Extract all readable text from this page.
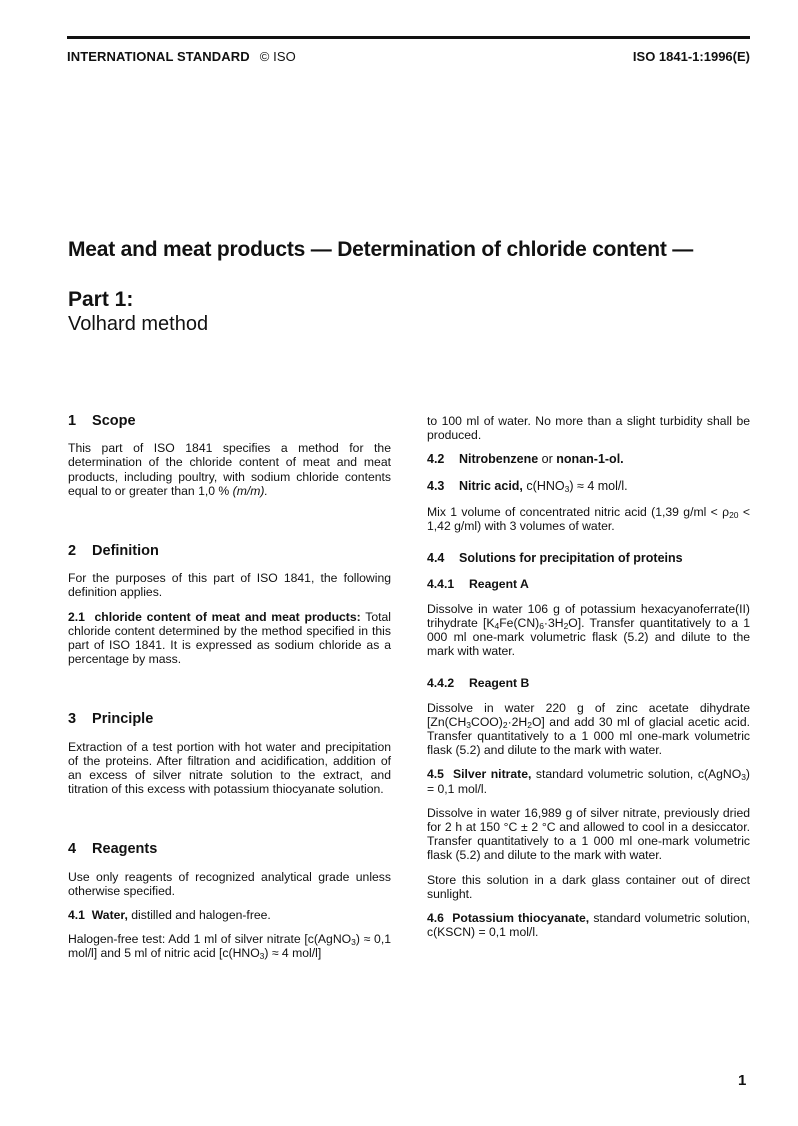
INTERNATIONAL STANDARD © ISO	ISO 1841-1:1996(E)
Meat and meat products — Determination of chloride content —
Part 1:
Volhard method
1 Scope

This part of ISO 1841 specifies a method for the determination of the chloride content of meat and meat products, including poultry, with sodium chloride contents equal to or greater than 1,0 % (m/m).

2 Definition

For the purposes of this part of ISO 1841, the following definition applies.

2.1 chloride content of meat and meat products: Total chloride content determined by the method specified in this part of ISO 1841. It is expressed as sodium chloride as a percentage by mass.

3 Principle

Extraction of a test portion with hot water and precipitation of the proteins. After filtration and acidification, addition of an excess of silver nitrate solution to the extract, and titration of this excess with potassium thiocyanate solution.

4 Reagents

Use only reagents of recognized analytical grade unless otherwise specified.

4.1 Water, distilled and halogen-free.

Halogen-free test: Add 1 ml of silver nitrate [c(AgNO$_3$) ≈ 0,1 mol/l] and 5 ml of nitric acid [$c(HNO_3) \approx 4$ mol/l]

to 100 ml of water. No more than a slight turbidity shall be produced.

4.2 Nitrobenzene or nonan-1-ol.
4.3 Nitric acid, $c(HNO_3) \approx 4$ mol/l.

Mix 1 volume of concentrated nitric acid (1,39 $g/ml < \rho_{20} < 1,42$ g/ml) with 3 volumes of water.

4.4 Solutions for precipitation of proteins
4.4.1 Reagent A

Dissolve in water 106 g of potassium hexacyanoferrate(II) trihydrate $[K_4Fe(CN)_6\cdot 3H_2O]$. Transfer quantitatively to a 1 000 ml one-mark volumetric flask (5.2) and dilute to the mark with water.

4.4.2 Reagent B

Dissolve in water 220 g of zinc acetate dihydrate $[Zn(CH_3COO)_2\cdot 2H_2O]$ and add 30 ml of glacial acetic acid. Transfer quantitatively to a 1 000 ml one-mark volumetric flask (5.2) and dilute to the mark with water.

4.5 Silver nitrate, standard volumetric solution, c(AgNO$_3$) = 0,1 mol/l.

Dissolve in water 16,989 g of silver nitrate, previously dried for 2 h at 150 °C ± 2 °C and allowed to cool in a desiccator. Transfer quantitatively to a 1 000 ml one-mark volumetric flask (5.2) and dilute to the mark with water.

Store this solution in a dark glass container out of direct sunlight.

4.6 Potassium thiocyanate, standard volumetric solution, c(KSCN) = 0,1 mol/l.

1
